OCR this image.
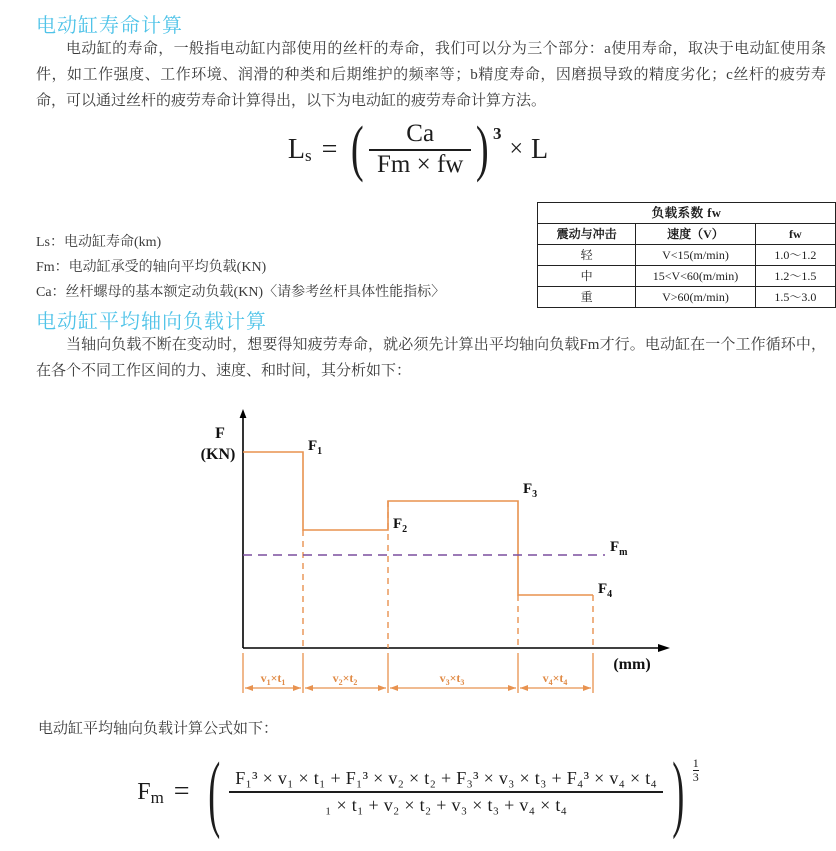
电动缸寿命计算
电动缸的寿命，一般指电动缸内部使用的丝杆的寿命，我们可以分为三个部分：a使用寿命，取决于电动缸使用条件，如工作强度、工作环境、润滑的种类和后期维护的频率等；b精度寿命，因磨损导致的精度劣化；c丝杆的疲劳寿命，可以通过丝杆的疲劳寿命计算得出，以下为电动缸的疲劳寿命计算方法。
L s = ( $\frac{Ca}{Fm \times fw}$ ) 3
× L
Ls：电动缸寿命(km)
Fm：电动缸承受的轴向平均负载(KN)
Ca：丝杆螺母的基本额定动负载(KN)〈请参考丝杆具体性能指标〉
负载系数 fw		
震动与冲击	速度（V）	fw
轻	V<15(m/min)	1.0～1.2
中	15<V<60(m/min)	1.2～1.5
重	V>60(m/min)	1.5～3.0
电动缸平均轴向负载计算
当轴向负载不断在变动时，想要得知疲劳寿命，就必须先计算出平均轴向负载Fm才行。电动缸在一个工作循环中，在各个不同工作区间的力、速度、和时间，其分析如下：
F
(KN)
(mm)
$F_1$
$F_2$
$F_3$
$F_4$
$F_m$
$v_1\times t_1$	$v_2\times t_2$	$v_3\times t_3$	$v_4\times t_4$
电动缸平均轴向负载计算公式如下：
F m = ( F₁³ × v₁ × t₁ + F₁³ × v₂ × t₂ + F₃³ × v₃ × t₃ + F₄³ × v₄ × t₄
₁ × t₁ + v₂ × t₂ + v₃ × t₃ + v₄ × t₄ ) $\frac{1}{3}$
